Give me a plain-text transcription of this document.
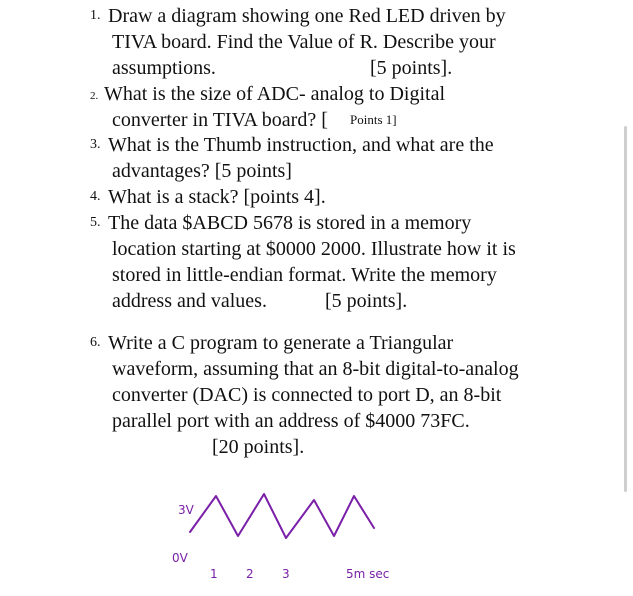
1. Draw a diagram showing one Red LED driven by
TIVA board. Find the Value of R. Describe your
assumptions.	[5 points].
2. What is the size of ADC- analog to Digital
converter in TIVA board? [ Points 1]
3. What is the Thumb instruction, and what are the
advantages? [5 points]
4. What is a stack? [points 4].
5. The data $ABCD 5678 is stored in a memory
location starting at $0000 2000. Illustrate how it is
stored in little-endian format. Write the memory
address and values.	[5 points].
6. Write a C program to generate a Triangular
waveform, assuming that an 8-bit digital-to-analog
converter (DAC) is connected to port D, an 8-bit
parallel port with an address of $4000 73FC.
[20 points].
3V
0V
1 2 3	5m sec
